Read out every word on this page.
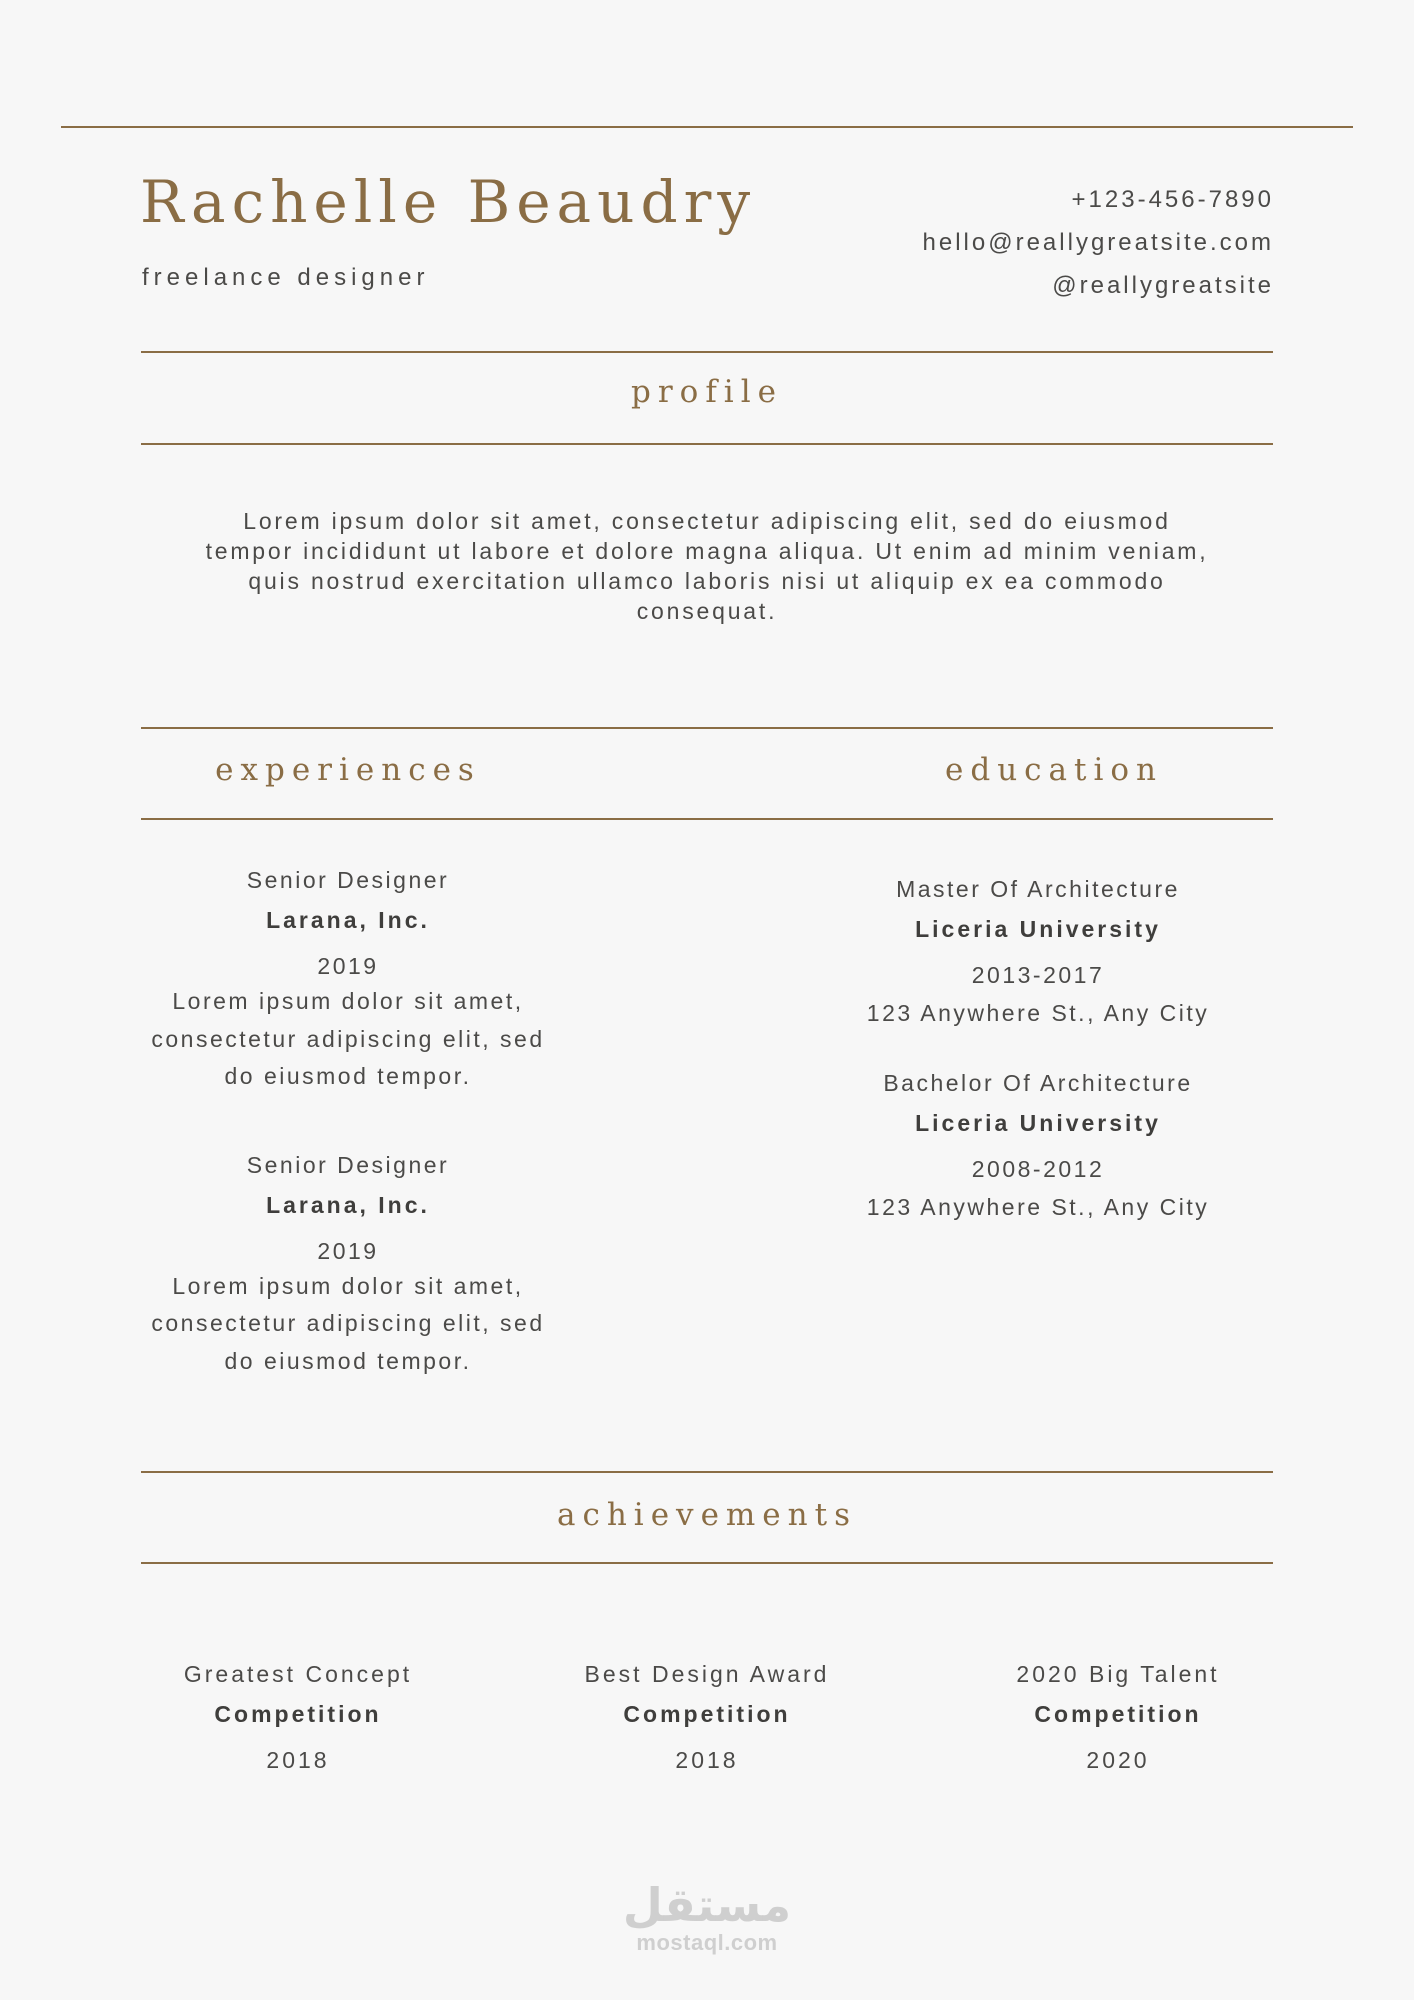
Rachelle Beaudry
freelance designer
+123-456-7890
hello@reallygreatsite.com
@reallygreatsite
profile
Lorem ipsum dolor sit amet, consectetur adipiscing elit, sed do eiusmod tempor incididunt ut labore et dolore magna aliqua. Ut enim ad minim veniam, quis nostrud exercitation ullamco laboris nisi ut aliquip ex ea commodo consequat.
experiences	education
Senior Designer
Larana, Inc.
2019
Lorem ipsum dolor sit amet, consectetur adipiscing elit, sed do eiusmod tempor.
Senior Designer
Larana, Inc.
2019
Lorem ipsum dolor sit amet, consectetur adipiscing elit, sed do eiusmod tempor.
Master Of Architecture
Liceria University
2013-2017
123 Anywhere St., Any City
Bachelor Of Architecture
Liceria University
2008-2012
123 Anywhere St., Any City
achievements
Greatest Concept
Competition
2018
Best Design Award
Competition
2018
2020 Big Talent
Competition
2020
مستقل
mostaql.com
